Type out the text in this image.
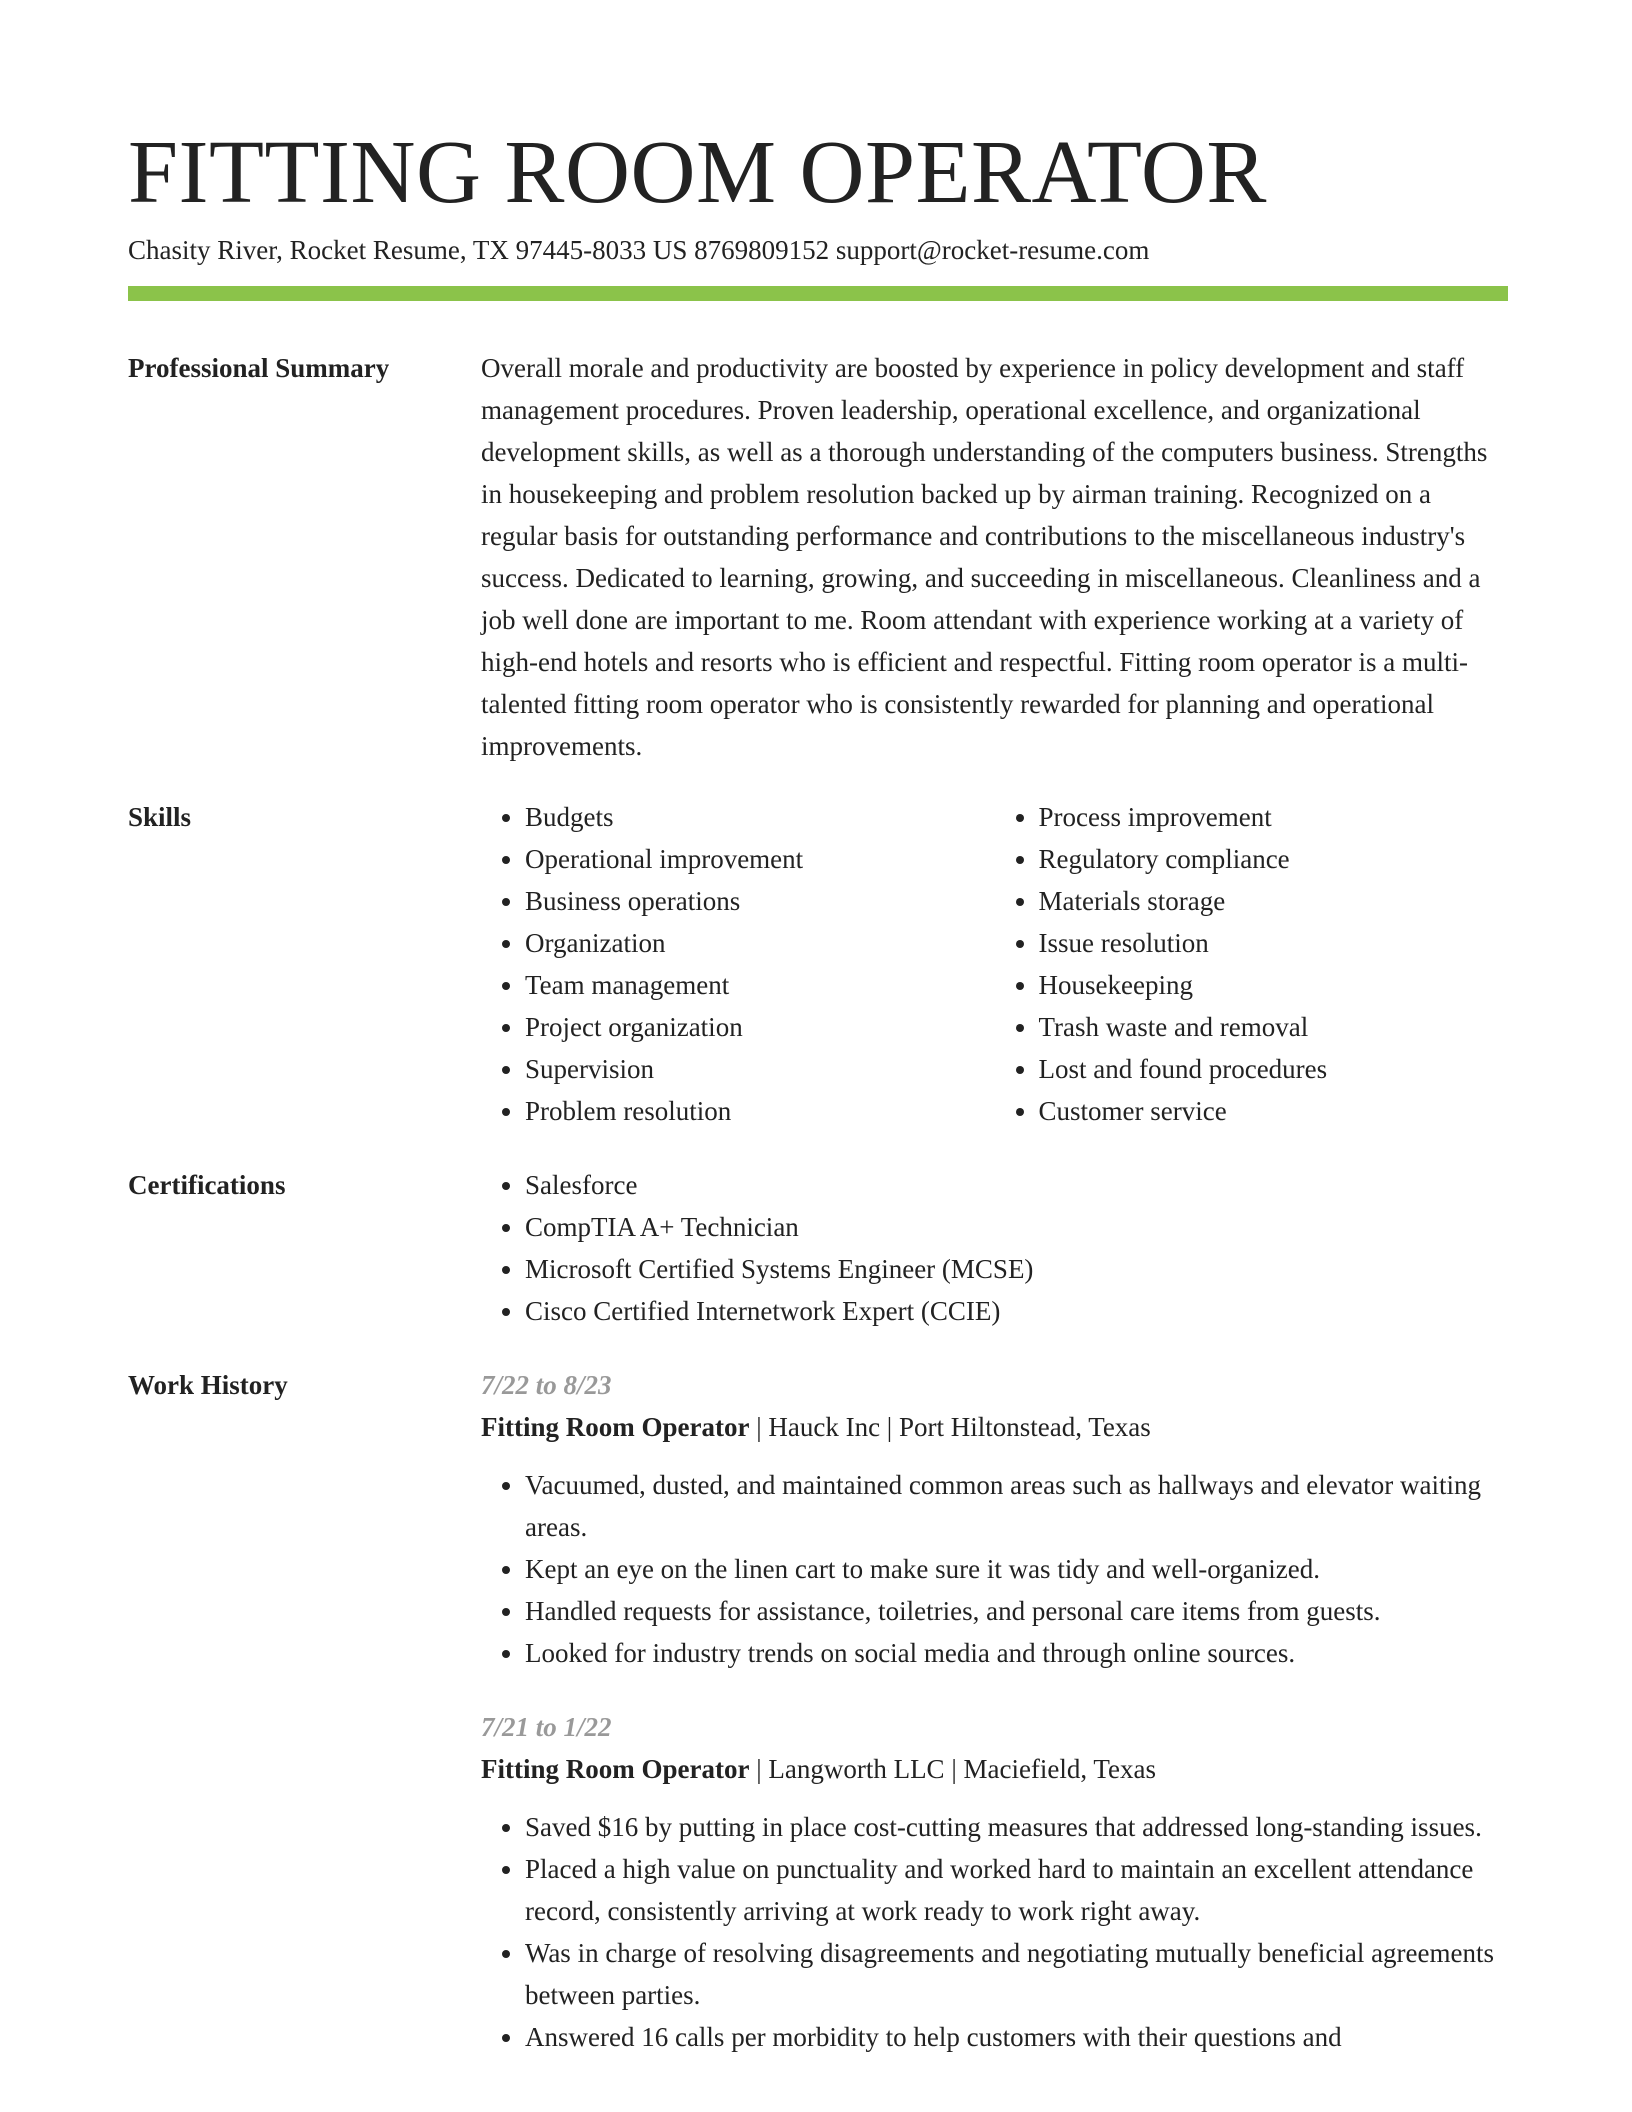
FITTING ROOM OPERATOR
Chasity River, Rocket Resume, TX 97445-8033 US 8769809152 support@rocket-resume.com
Professional Summary	Overall morale and productivity are boosted by experience in policy development and staff management procedures. Proven leadership, operational excellence, and organizational development skills, as well as a thorough understanding of the computers business. Strengths in housekeeping and problem resolution backed up by airman training. Recognized on a regular basis for outstanding performance and contributions to the miscellaneous industry's success. Dedicated to learning, growing, and succeeding in miscellaneous. Cleanliness and a job well done are important to me. Room attendant with experience working at a variety of high-end hotels and resorts who is efficient and respectful. Fitting room operator is a multi-talented fitting room operator who is consistently rewarded for planning and operational improvements.

Skills	• Budgets
• Operational improvement
• Business operations
• Organization
• Team management
• Project organization
• Supervision
• Problem resolution
• Process improvement
• Regulatory compliance
• Materials storage
• Issue resolution
• Housekeeping
• Trash waste and removal
• Lost and found procedures
• Customer service
Certifications	• Salesforce
• CompTIA A+ Technician
• Microsoft Certified Systems Engineer (MCSE)
• Cisco Certified Internetwork Expert (CCIE)
Work History	7/22 to 8/23
Fitting Room Operator | Hauck Inc | Port Hiltonstead, Texas
• Vacuumed, dusted, and maintained common areas such as hallways and elevator waiting areas.
• Kept an eye on the linen cart to make sure it was tidy and well-organized.
• Handled requests for assistance, toiletries, and personal care items from guests.
• Looked for industry trends on social media and through online sources.
7/21 to 1/22
Fitting Room Operator | Langworth LLC | Maciefield, Texas
• Saved $16 by putting in place cost-cutting measures that addressed long-standing issues.
• Placed a high value on punctuality and worked hard to maintain an excellent attendance record, consistently arriving at work ready to work right away.
• Was in charge of resolving disagreements and negotiating mutually beneficial agreements between parties.
• Answered 16 calls per morbidity to help customers with their questions and
